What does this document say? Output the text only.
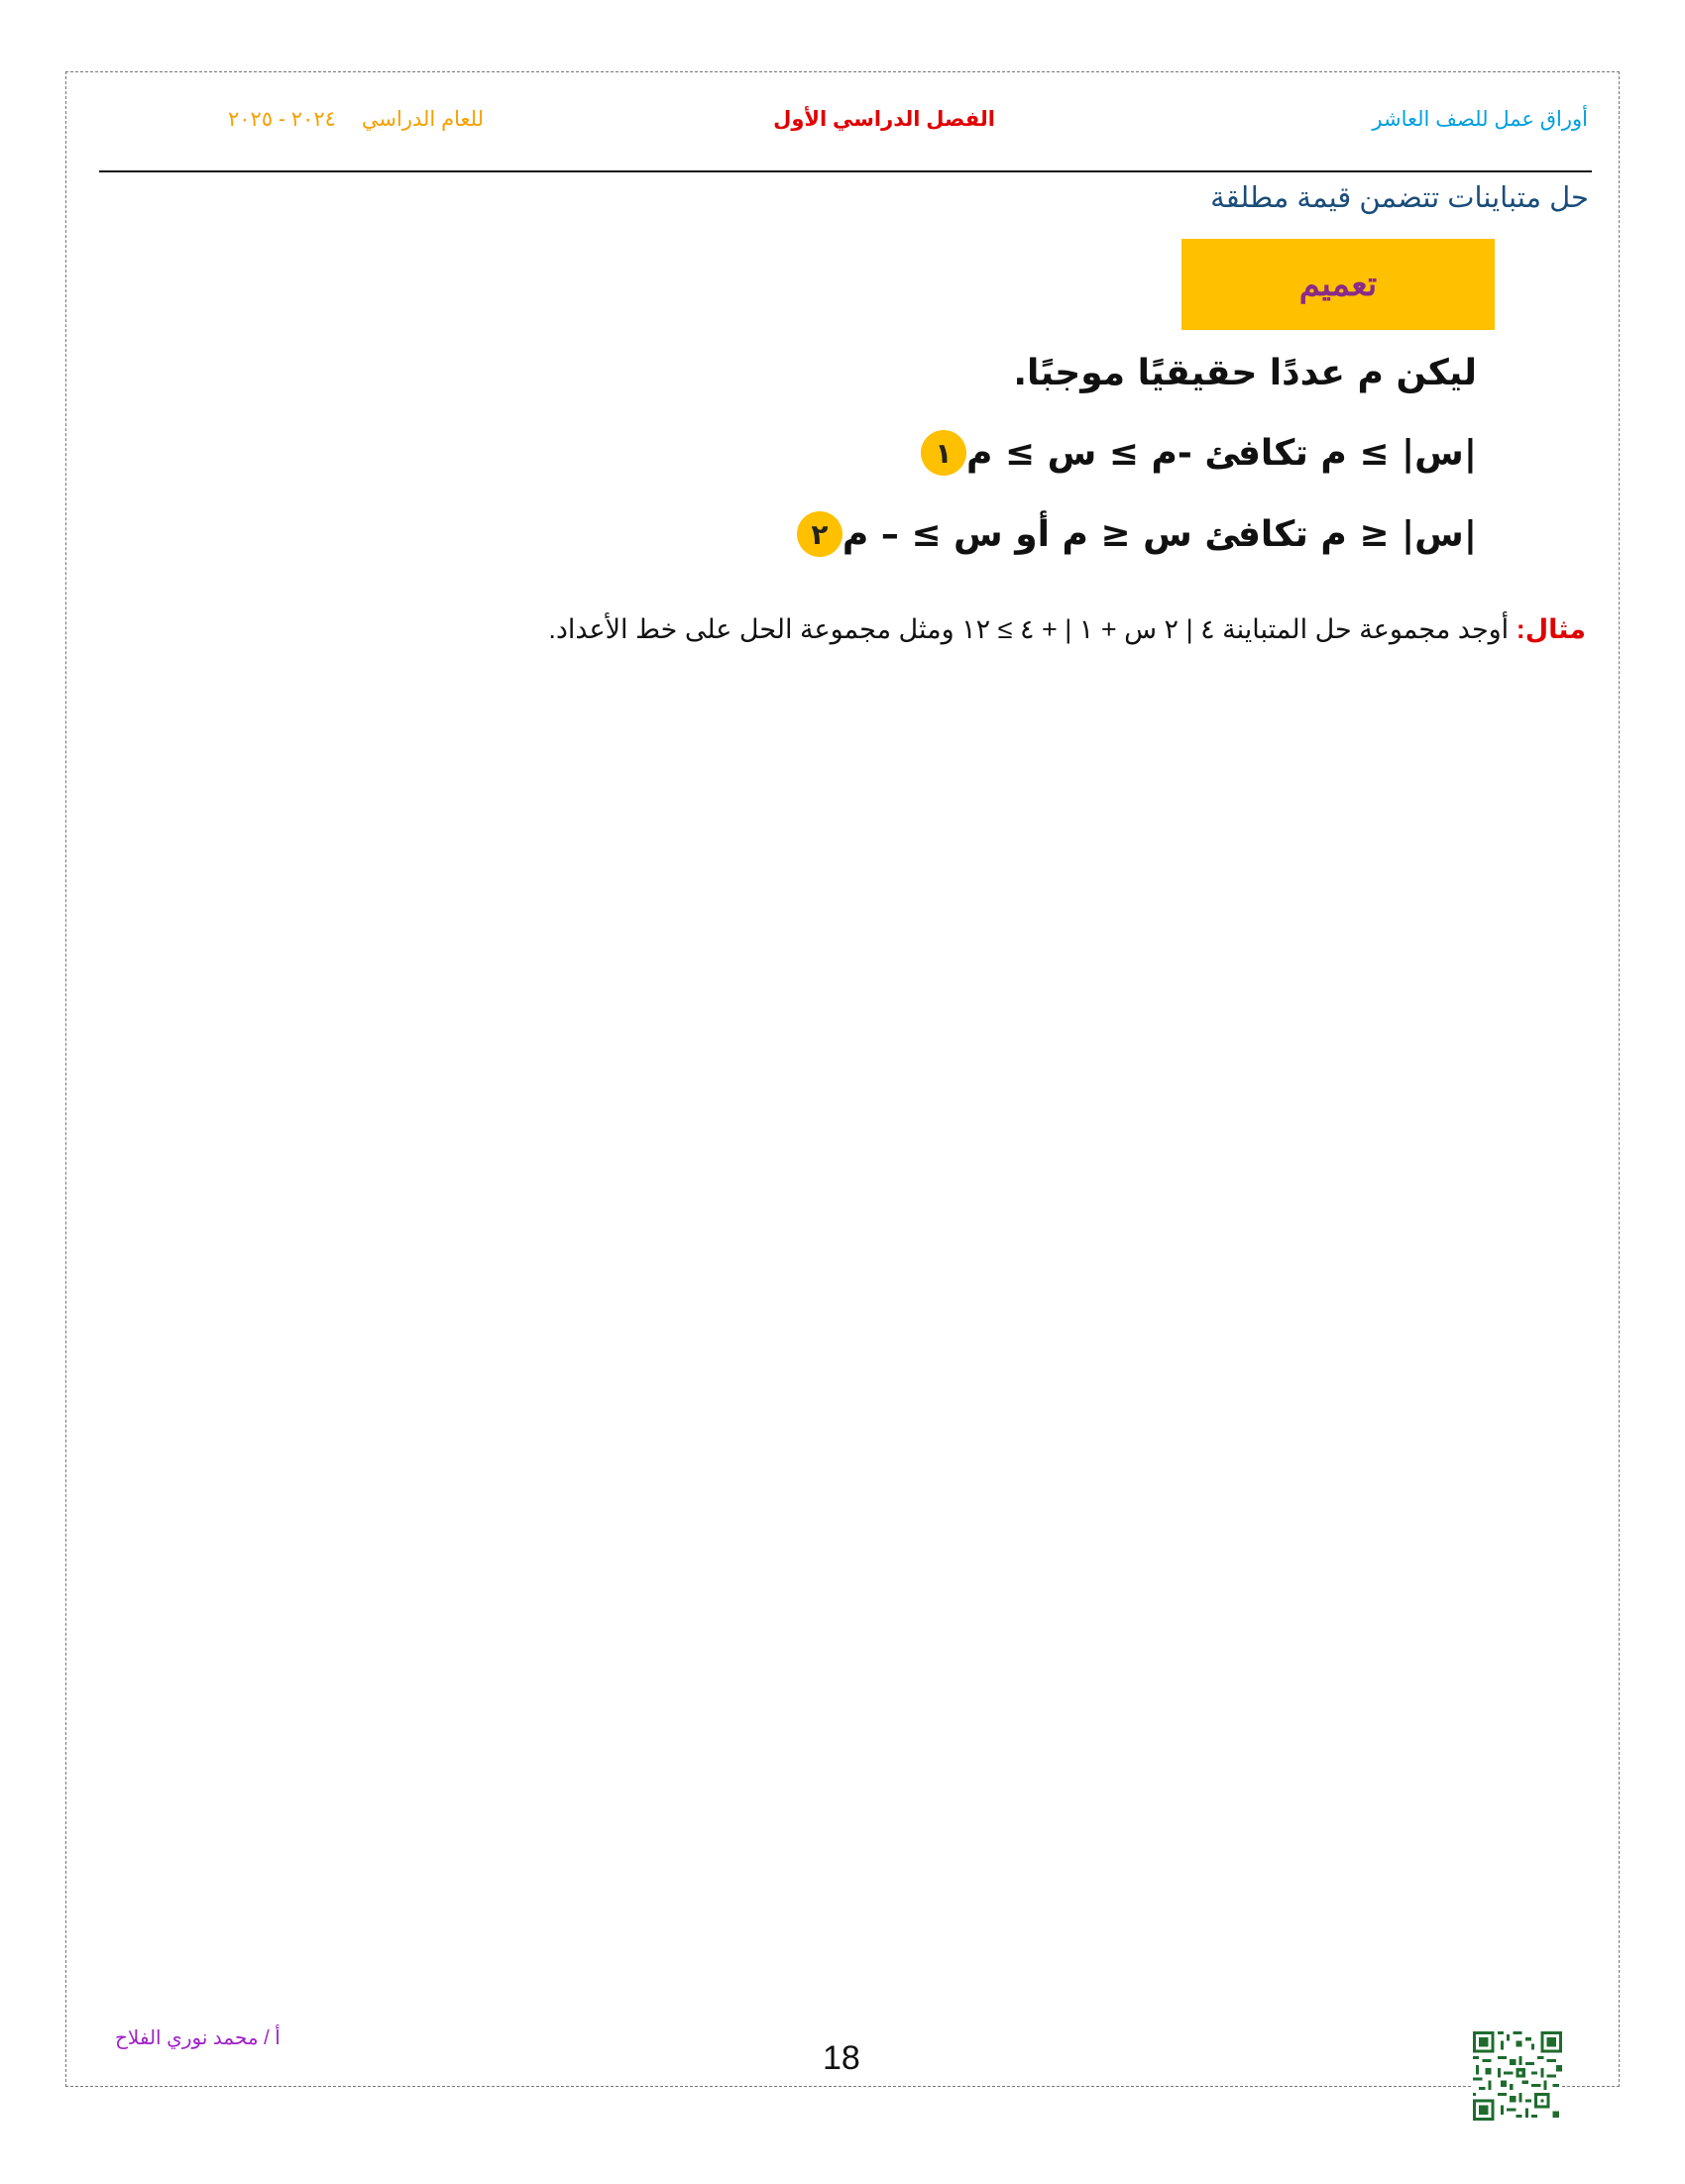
أوراق عمل للصف العاشر
الفصل الدراسي الأول
للعام الدراسي٢٠٢٤ - ٢٠٢٥
حل متباينات تتضمن قيمة مطلقة
تعميم
ليكن ﻡ عددًا حقيقيًا موجبًا.
١ |س| ≥ ﻡ تكافئ -ﻡ ≥ س ≥ ﻡ
٢ |س| ≤ ﻡ تكافئ س ≤ ﻡ أو س ≥ – ﻡ
مثال: أوجد مجموعة حل المتباينة ٤ | ٢ س + ١ | + ٤ ≥ ١٢ ومثل مجموعة الحل على خط الأعداد.
أ / محمد نوري الفلاح
18
